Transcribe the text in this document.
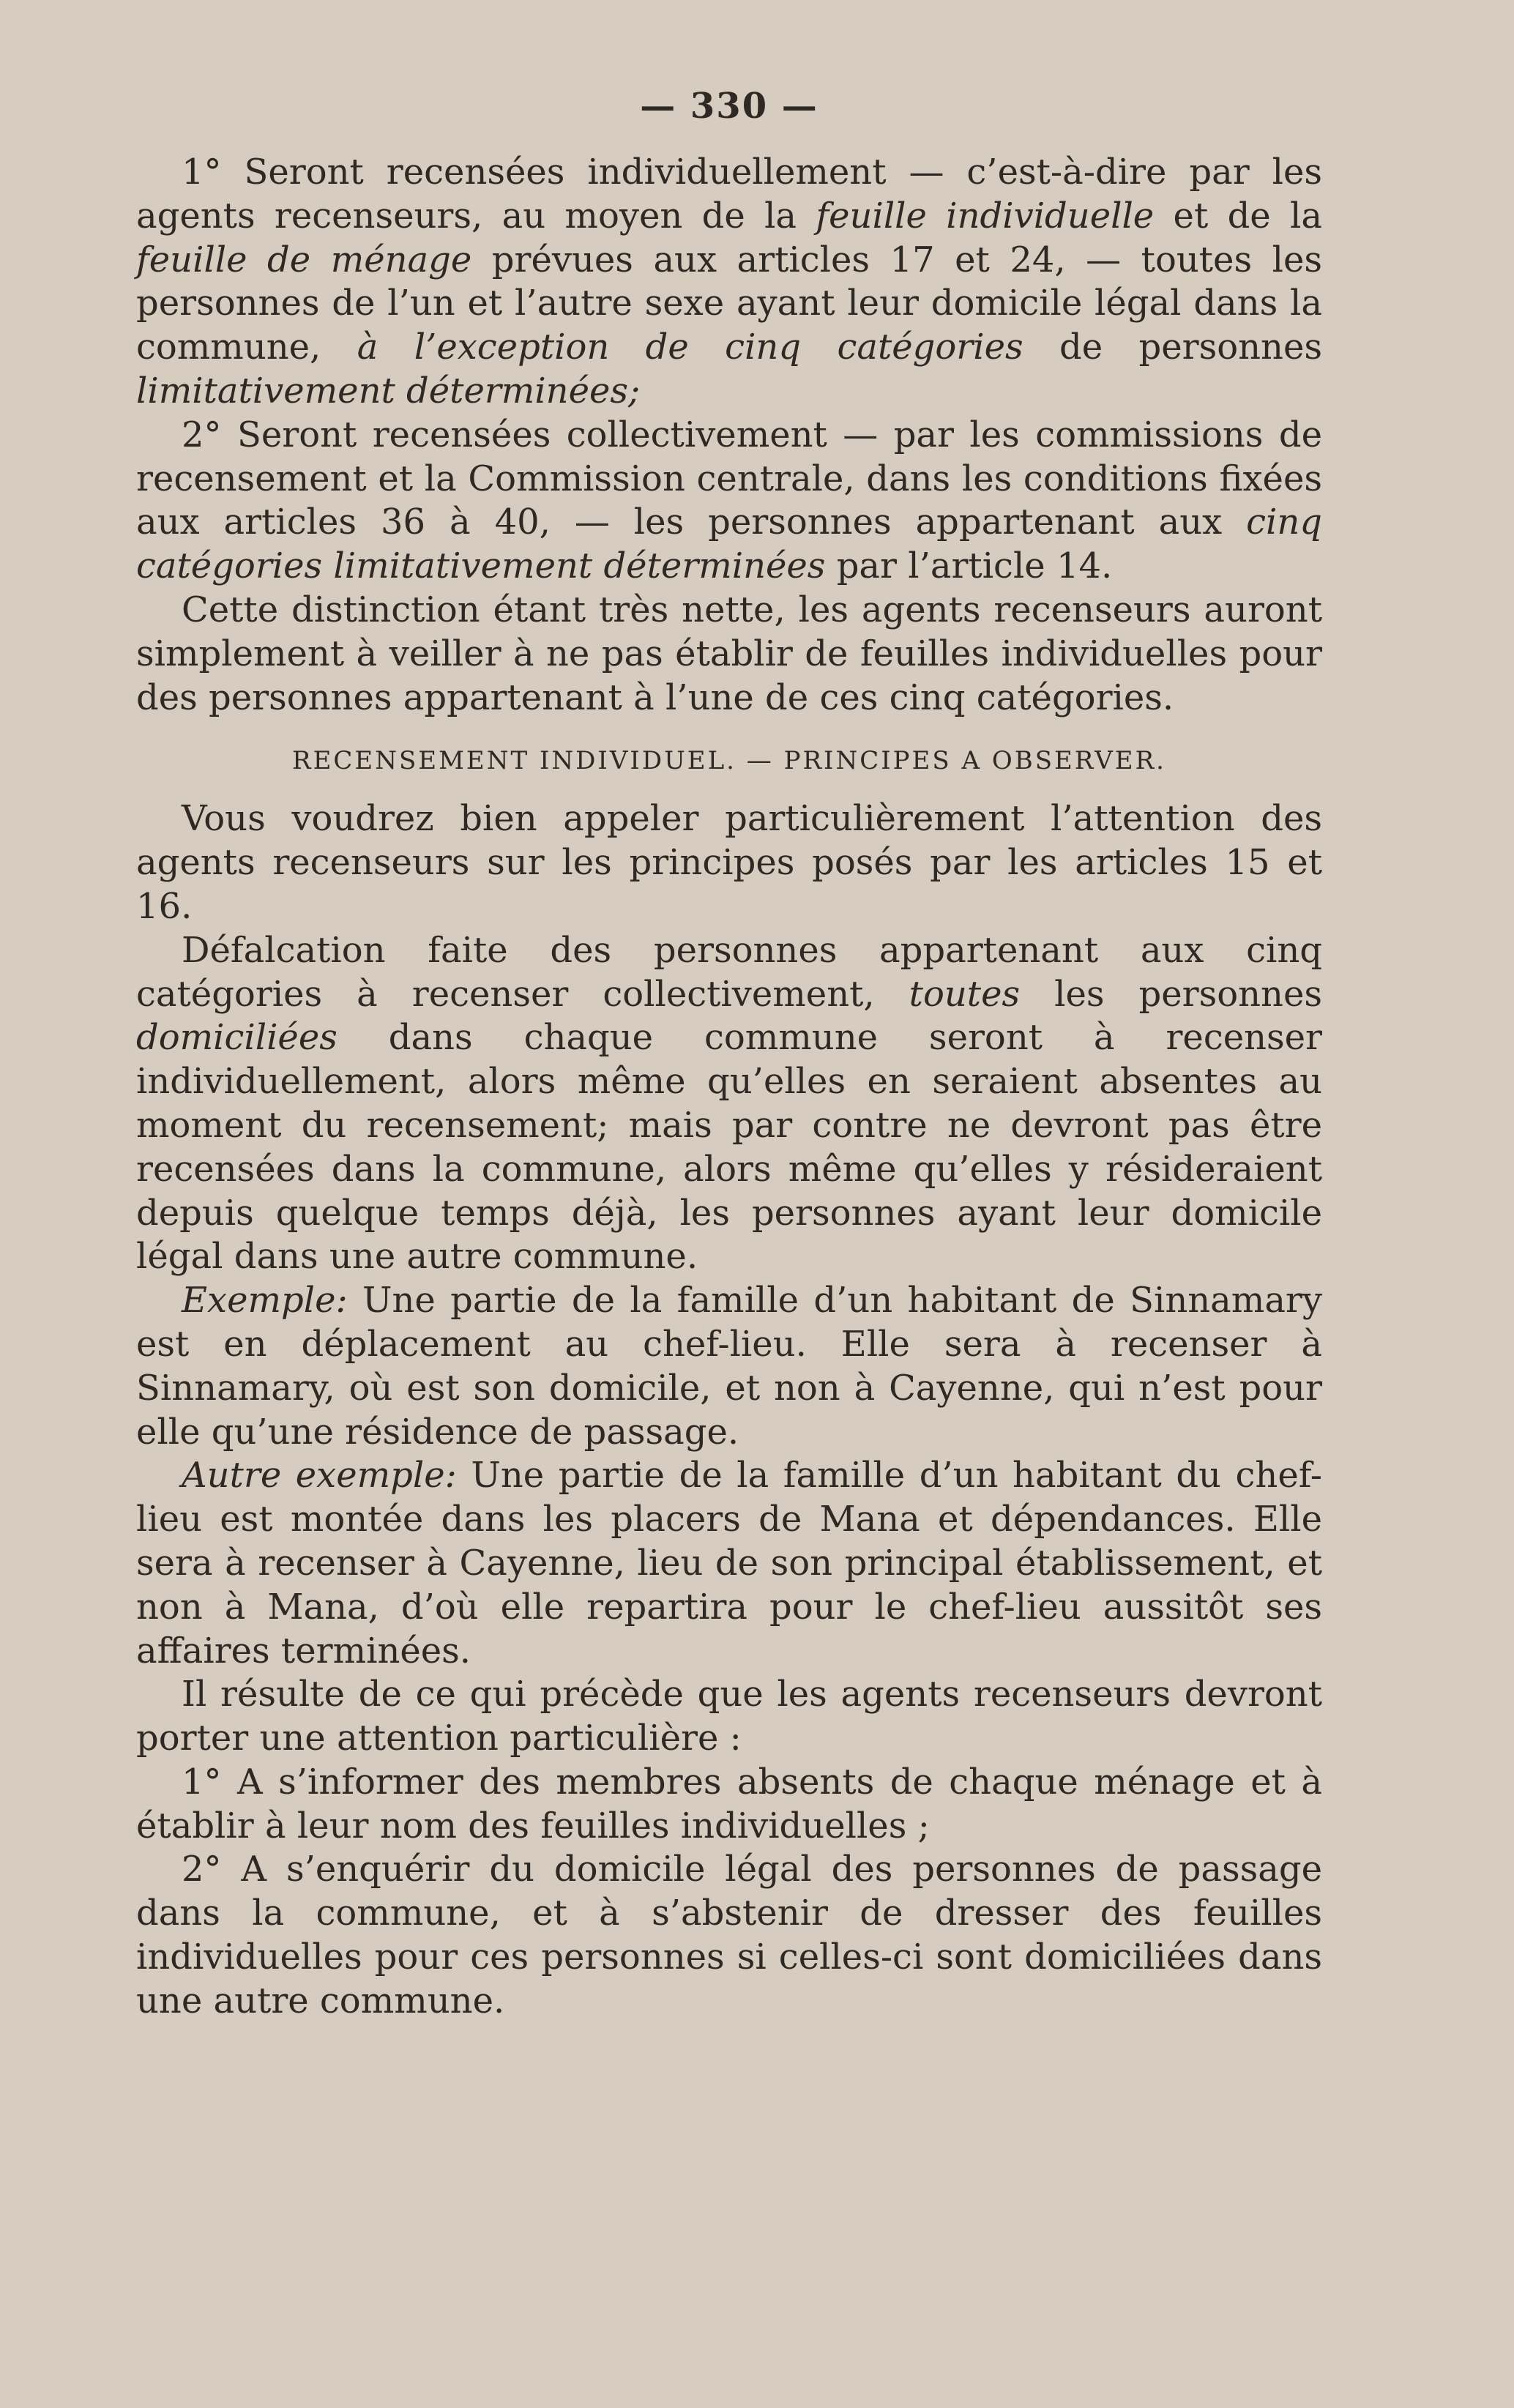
— 330 —

1° Seront recensées individuellement — c’est-à-dire par les agents recenseurs, au moyen de la feuille individuelle et de la feuille de ménage prévues aux articles 17 et 24, — toutes les personnes de l’un et l’autre sexe ayant leur domicile légal dans la commune, à l’exception de cinq catégories de personnes limitativement déterminées;

2° Seront recensées collectivement — par les commissions de recensement et la Commission centrale, dans les conditions fixées aux articles 36 à 40, — les personnes appartenant aux cinq catégories limitativement déterminées par l’article 14.

Cette distinction étant très nette, les agents recenseurs auront simplement à veiller à ne pas établir de feuilles individuelles pour des personnes appartenant à l’une de ces cinq catégories.

RECENSEMENT INDIVIDUEL. — PRINCIPES A OBSERVER.

Vous voudrez bien appeler particulièrement l’attention des agents recenseurs sur les principes posés par les articles 15 et 16.

Défalcation faite des personnes appartenant aux cinq catégories à recenser collectivement, toutes les personnes domiciliées dans chaque commune seront à recenser individuellement, alors même qu’elles en seraient absentes au moment du recensement; mais par contre ne devront pas être recensées dans la commune, alors même qu’elles y résideraient depuis quelque temps déjà, les personnes ayant leur domicile légal dans une autre commune.

Exemple: Une partie de la famille d’un habitant de Sinnamary est en déplacement au chef-lieu. Elle sera à recenser à Sinnamary, où est son domicile, et non à Cayenne, qui n’est pour elle qu’une résidence de passage.

Autre exemple: Une partie de la famille d’un habitant du chef-lieu est montée dans les placers de Mana et dépendances. Elle sera à recenser à Cayenne, lieu de son principal établissement, et non à Mana, d’où elle repartira pour le chef-lieu aussitôt ses affaires terminées.

Il résulte de ce qui précède que les agents recenseurs devront porter une attention particulière :

1° A s’informer des membres absents de chaque ménage et à établir à leur nom des feuilles individuelles ;

2° A s’enquérir du domicile légal des personnes de passage dans la commune, et à s’abstenir de dresser des feuilles individuelles pour ces personnes si celles-ci sont domiciliées dans une autre commune.
